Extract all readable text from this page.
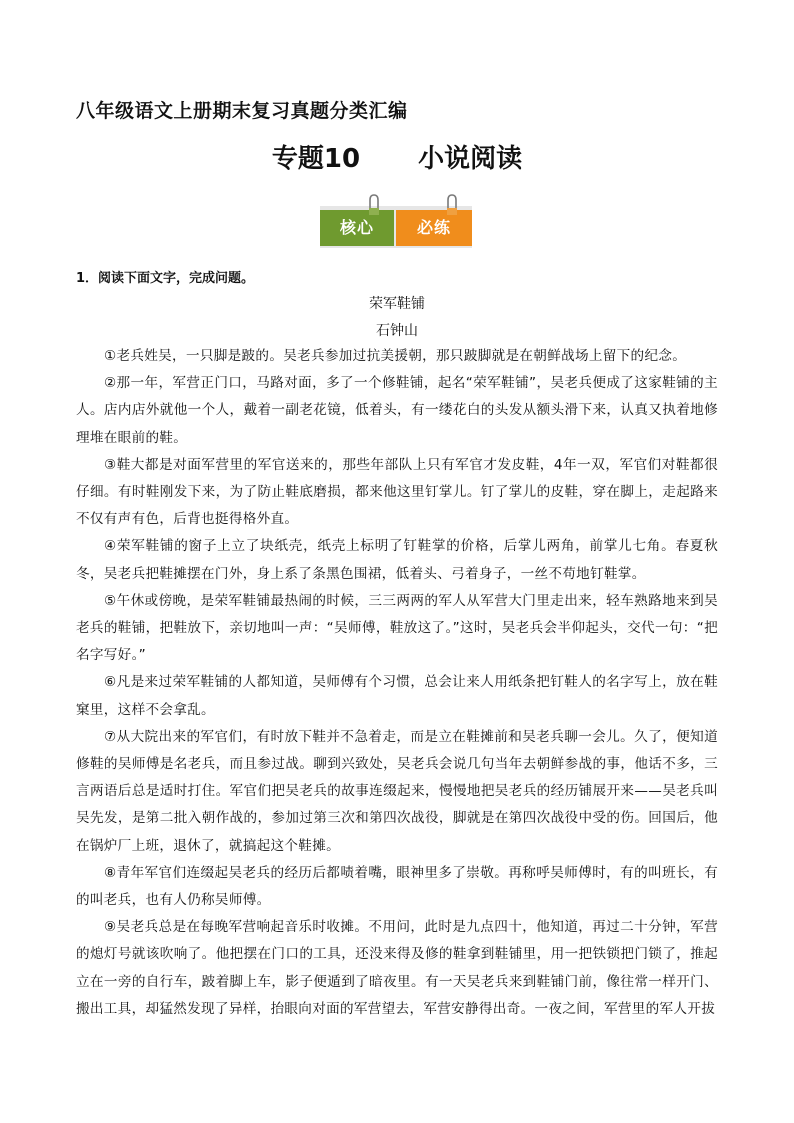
八年级语文上册期末复习真题分类汇编
专题10 小说阅读
核心	必练
1．阅读下面文字，完成问题。
荣军鞋铺
石钟山

①老兵姓吴，一只脚是跛的。吴老兵参加过抗美援朝，那只跛脚就是在朝鲜战场上留下的纪念。

②那一年，军营正门口，马路对面，多了一个修鞋铺，起名“荣军鞋铺”，吴老兵便成了这家鞋铺的主人。店内店外就他一个人，戴着一副老花镜，低着头，有一缕花白的头发从额头滑下来，认真又执着地修理堆在眼前的鞋。

③鞋大都是对面军营里的军官送来的，那些年部队上只有军官才发皮鞋，4年一双，军官们对鞋都很仔细。有时鞋刚发下来，为了防止鞋底磨损，都来他这里钉掌儿。钉了掌儿的皮鞋，穿在脚上，走起路来不仅有声有色，后背也挺得格外直。

④荣军鞋铺的窗子上立了块纸壳，纸壳上标明了钉鞋掌的价格，后掌儿两角，前掌儿七角。春夏秋冬，吴老兵把鞋摊摆在门外，身上系了条黑色围裙，低着头、弓着身子，一丝不苟地钉鞋掌。

⑤午休或傍晚，是荣军鞋铺最热闹的时候，三三两两的军人从军营大门里走出来，轻车熟路地来到吴老兵的鞋铺，把鞋放下，亲切地叫一声：“吴师傅，鞋放这了。”这时，吴老兵会半仰起头，交代一句：“把名字写好。”

⑥凡是来过荣军鞋铺的人都知道，吴师傅有个习惯，总会让来人用纸条把钉鞋人的名字写上，放在鞋窠里，这样不会拿乱。

⑦从大院出来的军官们，有时放下鞋并不急着走，而是立在鞋摊前和吴老兵聊一会儿。久了，便知道修鞋的吴师傅是名老兵，而且参过战。聊到兴致处，吴老兵会说几句当年去朝鲜参战的事，他话不多，三言两语后总是适时打住。军官们把吴老兵的故事连缀起来，慢慢地把吴老兵的经历铺展开来——吴老兵叫吴先发，是第二批入朝作战的，参加过第三次和第四次战役，脚就是在第四次战役中受的伤。回国后，他在锅炉厂上班，退休了，就搞起这个鞋摊。

⑧青年军官们连缀起吴老兵的经历后都啧着嘴，眼神里多了崇敬。再称呼吴师傅时，有的叫班长，有的叫老兵，也有人仍称吴师傅。

⑨吴老兵总是在每晚军营响起音乐时收摊。不用问，此时是九点四十，他知道，再过二十分钟，军营的熄灯号就该吹响了。他把摆在门口的工具，还没来得及修的鞋拿到鞋铺里，用一把铁锁把门锁了，推起立在一旁的自行车，跛着脚上车，影子便遁到了暗夜里。有一天吴老兵来到鞋铺门前，像往常一样开门、搬出工具，却猛然发现了异样，抬眼向对面的军营望去，军营安静得出奇。一夜之间，军营里的军人开拔
